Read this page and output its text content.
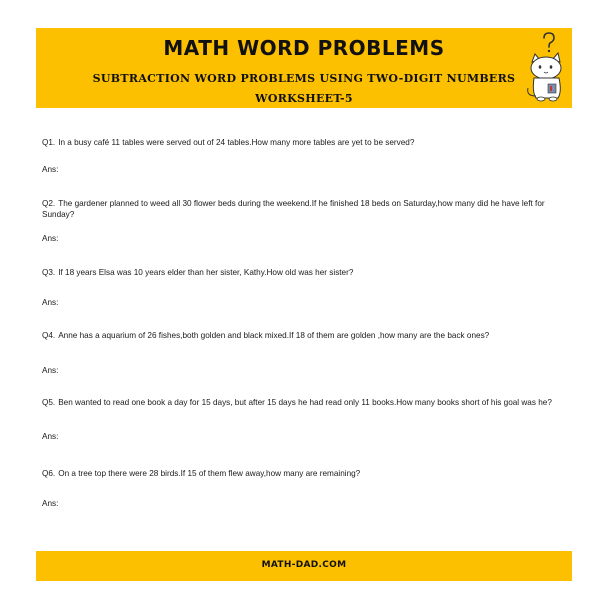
MATH WORD PROBLEMS
SUBTRACTION WORD PROBLEMS USING TWO-DIGIT NUMBERS
WORKSHEET-5

Q1. In a busy café 11 tables were served out of 24 tables.How many more tables are yet to be served?

Ans:

Q2. The gardener planned to weed all 30 flower beds during the weekend.If he finished 18 beds on Saturday,how many did he have left for Sunday?

Ans:

Q3. If 18 years Elsa was 10 years elder than her sister, Kathy.How old was her sister?

Ans:

Q4. Anne has a aquarium of 26 fishes,both golden and black mixed.If 18 of them are golden ,how many are the back ones?

Ans:

Q5. Ben wanted to read one book a day for 15 days, but after 15 days he had read only 11 books.How many books short of his goal was he?

Ans:

Q6. On a tree top there were 28 birds.If 15 of them flew away,how many are remaining?

Ans:

MATH-DAD.COM
